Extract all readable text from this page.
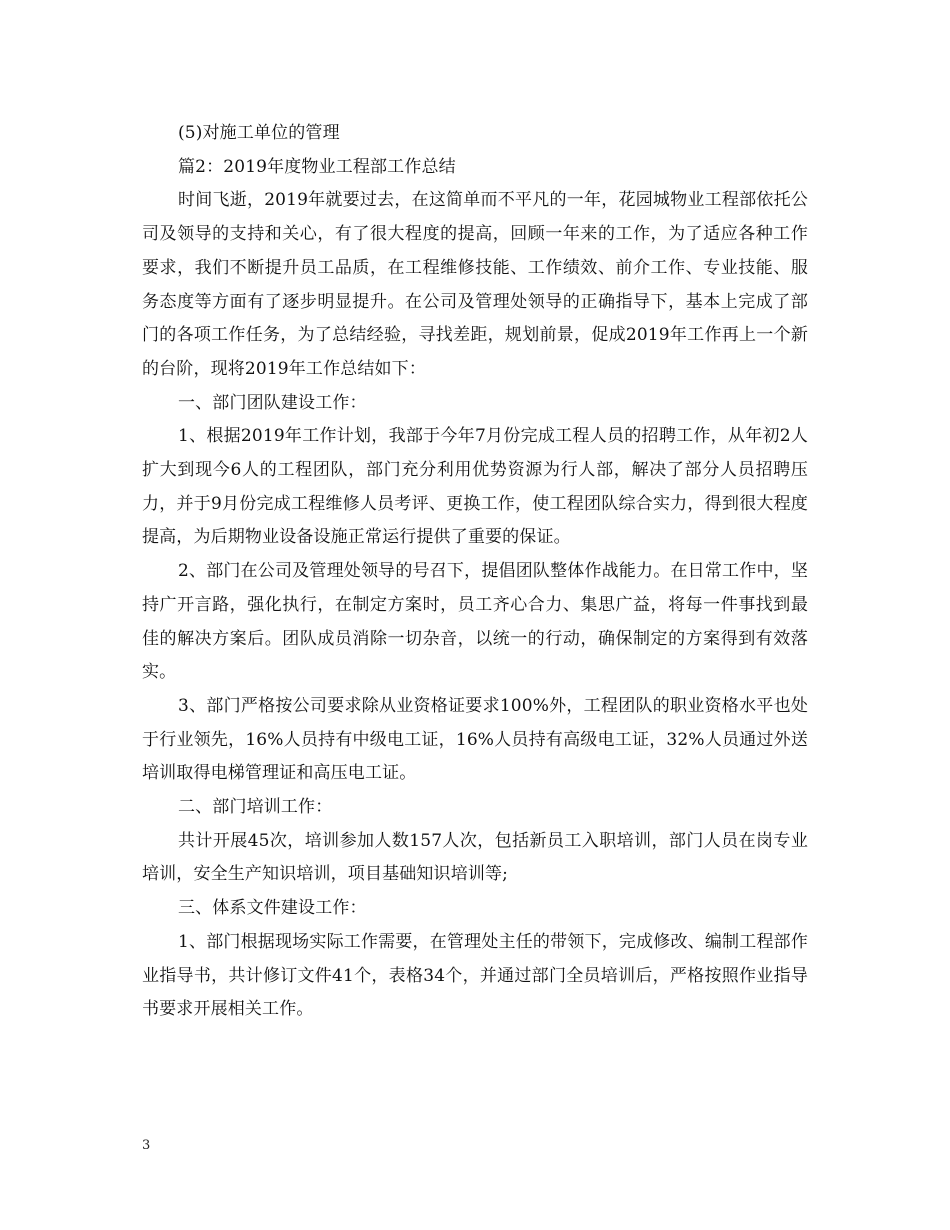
(5)对施工单位的管理

篇2：2019年度物业工程部工作总结

时间飞逝，2019年就要过去，在这简单而不平凡的一年，花园城物业工程部依托公司及领导的支持和关心，有了很大程度的提高，回顾一年来的工作，为了适应各种工作要求，我们不断提升员工品质，在工程维修技能、工作绩效、前介工作、专业技能、服务态度等方面有了逐步明显提升。在公司及管理处领导的正确指导下，基本上完成了部门的各项工作任务，为了总结经验，寻找差距，规划前景，促成2019年工作再上一个新的台阶，现将2019年工作总结如下：

一、部门团队建设工作：

1、根据2019年工作计划，我部于今年7月份完成工程人员的招聘工作，从年初2人扩大到现今6人的工程团队，部门充分利用优势资源为行人部，解决了部分人员招聘压力，并于9月份完成工程维修人员考评、更换工作，使工程团队综合实力，得到很大程度提高，为后期物业设备设施正常运行提供了重要的保证。

2、部门在公司及管理处领导的号召下，提倡团队整体作战能力。在日常工作中，坚持广开言路，强化执行，在制定方案时，员工齐心合力、集思广益，将每一件事找到最佳的解决方案后。团队成员消除一切杂音，以统一的行动，确保制定的方案得到有效落实。

3、部门严格按公司要求除从业资格证要求100%外，工程团队的职业资格水平也处于行业领先，16%人员持有中级电工证，16%人员持有高级电工证，32%人员通过外送培训取得电梯管理证和高压电工证。

二、部门培训工作：

共计开展45次，培训参加人数157人次，包括新员工入职培训，部门人员在岗专业培训，安全生产知识培训，项目基础知识培训等;

三、体系文件建设工作：

1、部门根据现场实际工作需要，在管理处主任的带领下，完成修改、编制工程部作业指导书，共计修订文件41个，表格34个，并通过部门全员培训后，严格按照作业指导书要求开展相关工作。

3
